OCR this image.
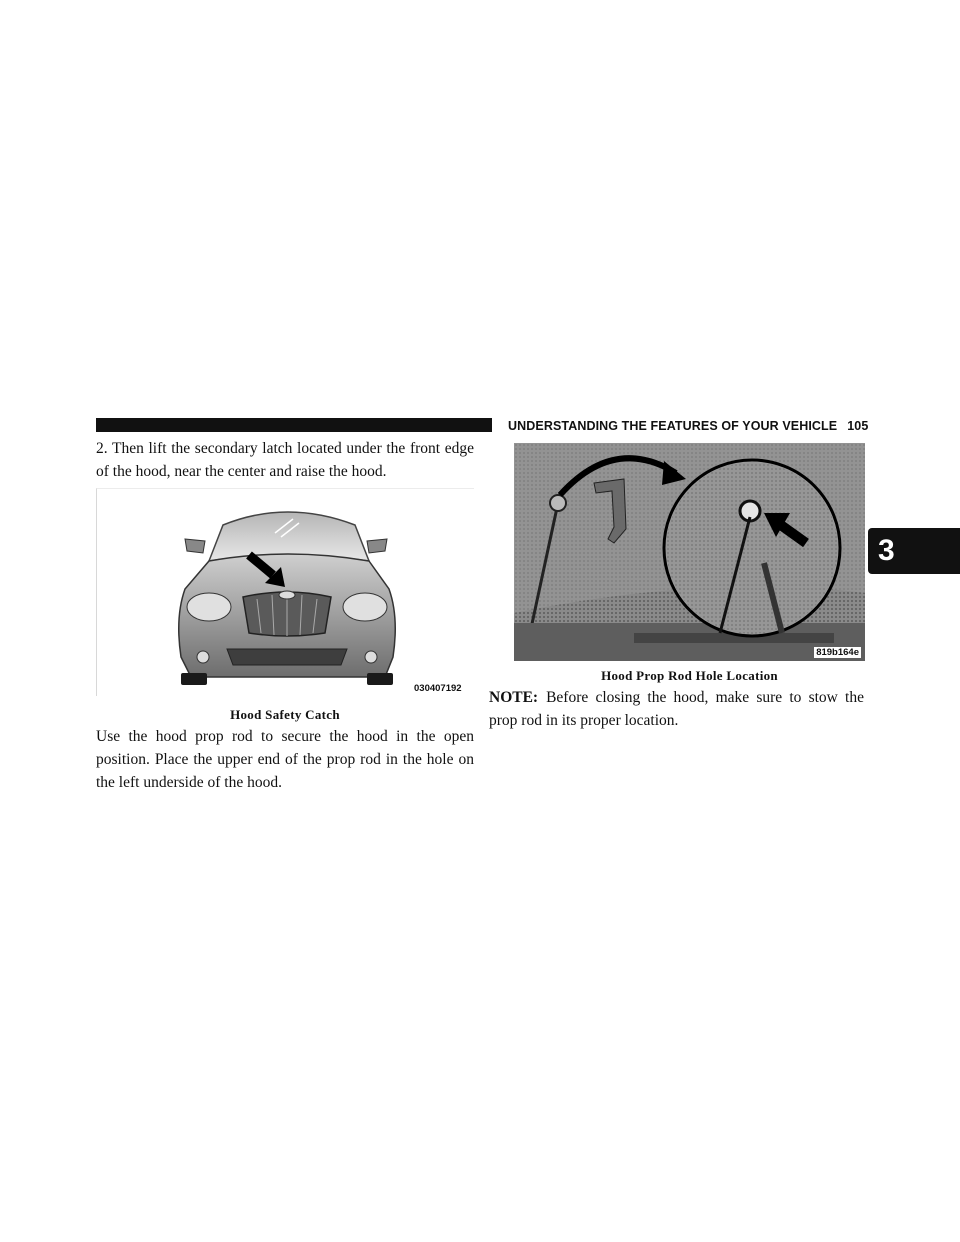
UNDERSTANDING THE FEATURES OF YOUR VEHICLE 105
3
2. Then lift the secondary latch located under the front edge of the hood, near the center and raise the hood.
030407192
Hood Safety Catch
Use the hood prop rod to secure the hood in the open position. Place the upper end of the prop rod in the hole on the left underside of the hood.
819b164e
Hood Prop Rod Hole Location
NOTE: Before closing the hood, make sure to stow the prop rod in its proper location.
